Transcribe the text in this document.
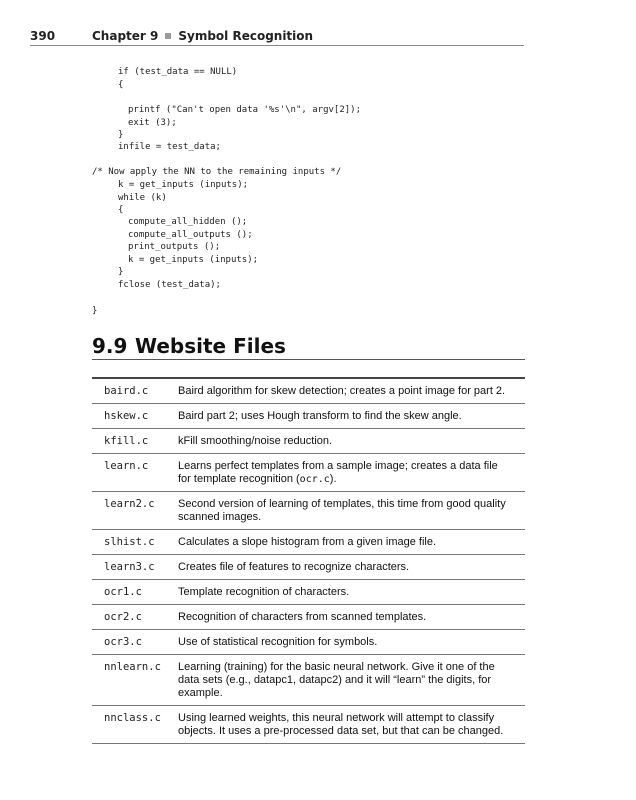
390	Chapter 9 Symbol Recognition

if (test_data == NULL)

{

printf ("Can't open data '%s'\n", argv[2]);

exit (3);

}

infile = test_data;

/* Now apply the NN to the remaining inputs */

k = get_inputs (inputs);

while (k)

{

compute_all_hidden ();

compute_all_outputs ();

print_outputs ();

k = get_inputs (inputs);

}

fclose (test_data);

}

9.9 Website Files
baird.c	Baird algorithm for skew detection; creates a point image for part 2.
hskew.c	Baird part 2; uses Hough transform to find the skew angle.
kfill.c	kFill smoothing/noise reduction.
learn.c	Learns perfect templates from a sample image; creates a data file for template recognition (ocr.c).
learn2.c	Second version of learning of templates, this time from good quality scanned images.
slhist.c	Calculates a slope histogram from a given image file.
learn3.c	Creates file of features to recognize characters.
ocr1.c	Template recognition of characters.
ocr2.c	Recognition of characters from scanned templates.
ocr3.c	Use of statistical recognition for symbols.
nnlearn.c	Learning (training) for the basic neural network. Give it one of the data sets (e.g., datapc1, datapc2) and it will “learn” the digits, for example.
nnclass.c	Using learned weights, this neural network will attempt to classify objects. It uses a pre-processed data set, but that can be changed.
